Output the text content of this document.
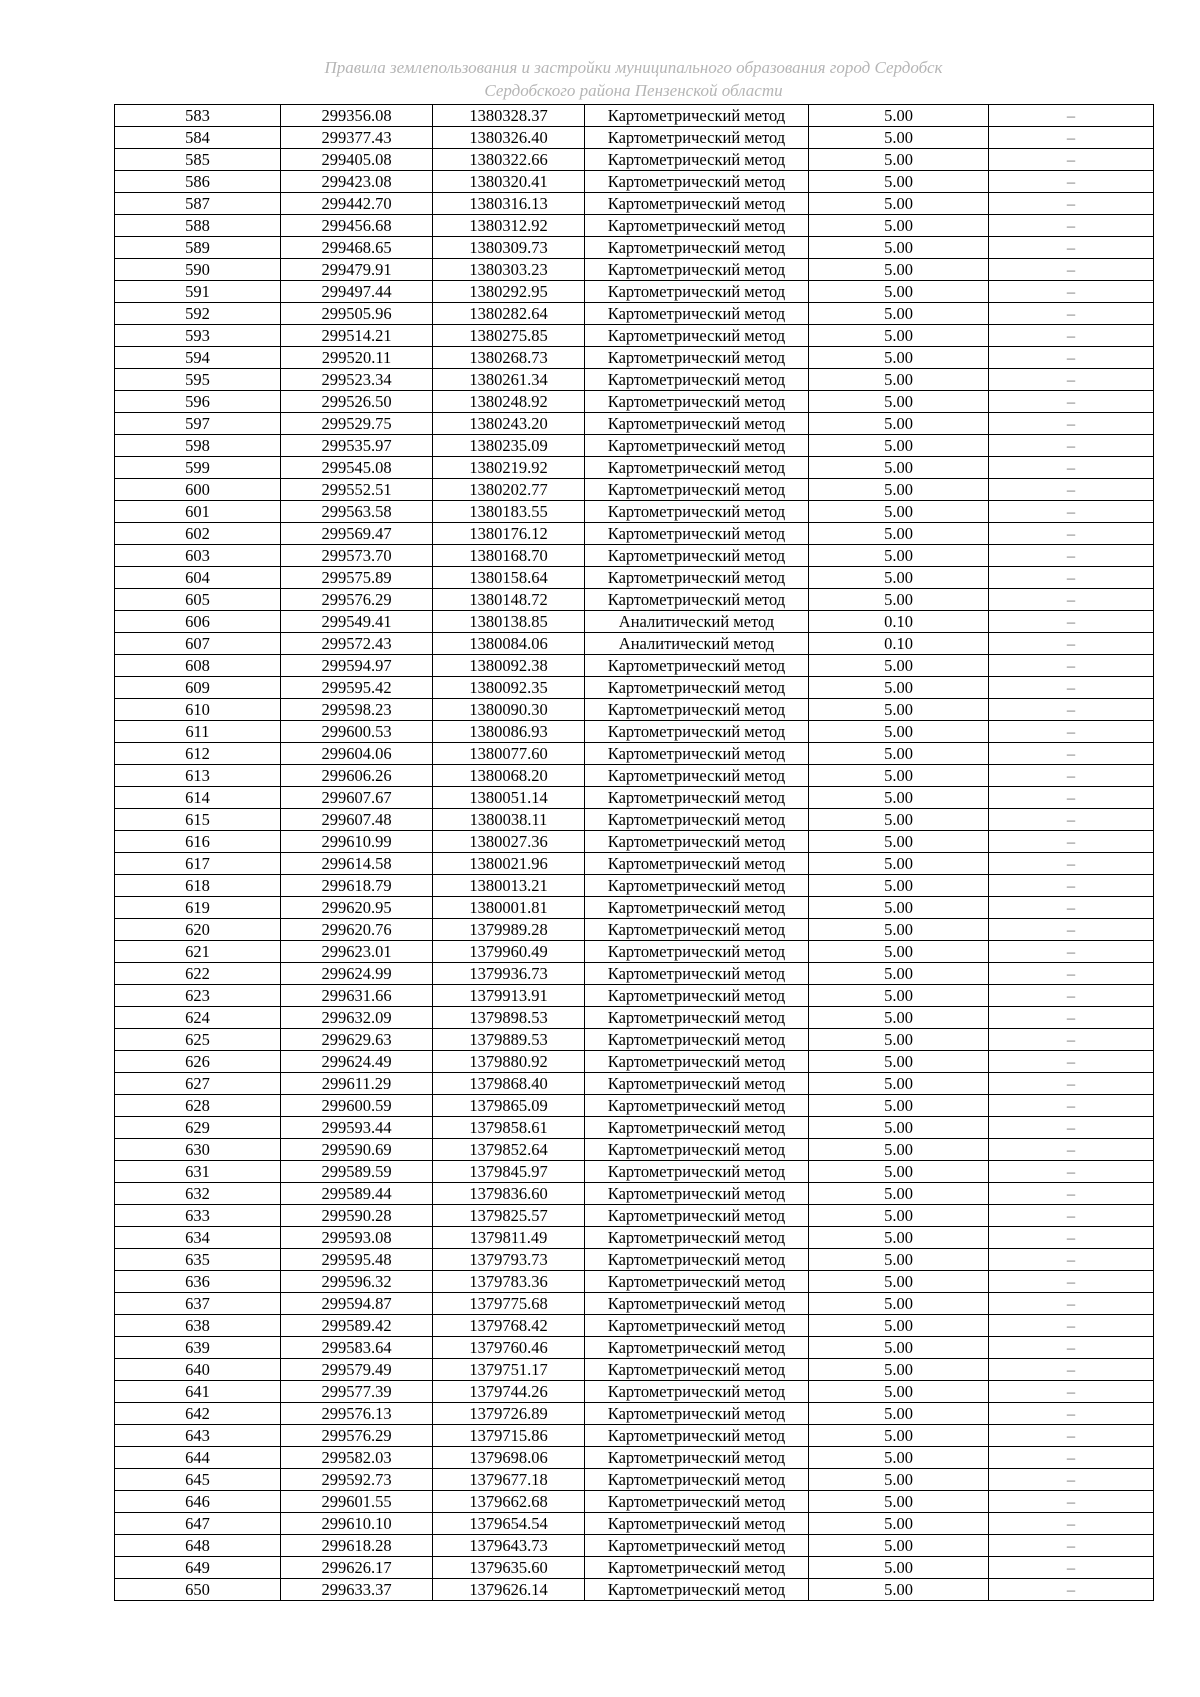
Правила землепользования и застройки муниципального образования город Сердобск
Сердобского района Пензенской области
583	299356.08	1380328.37	Картометрический метод	5.00	–
584	299377.43	1380326.40	Картометрический метод	5.00	–
585	299405.08	1380322.66	Картометрический метод	5.00	–
586	299423.08	1380320.41	Картометрический метод	5.00	–
587	299442.70	1380316.13	Картометрический метод	5.00	–
588	299456.68	1380312.92	Картометрический метод	5.00	–
589	299468.65	1380309.73	Картометрический метод	5.00	–
590	299479.91	1380303.23	Картометрический метод	5.00	–
591	299497.44	1380292.95	Картометрический метод	5.00	–
592	299505.96	1380282.64	Картометрический метод	5.00	–
593	299514.21	1380275.85	Картометрический метод	5.00	–
594	299520.11	1380268.73	Картометрический метод	5.00	–
595	299523.34	1380261.34	Картометрический метод	5.00	–
596	299526.50	1380248.92	Картометрический метод	5.00	–
597	299529.75	1380243.20	Картометрический метод	5.00	–
598	299535.97	1380235.09	Картометрический метод	5.00	–
599	299545.08	1380219.92	Картометрический метод	5.00	–
600	299552.51	1380202.77	Картометрический метод	5.00	–
601	299563.58	1380183.55	Картометрический метод	5.00	–
602	299569.47	1380176.12	Картометрический метод	5.00	–
603	299573.70	1380168.70	Картометрический метод	5.00	–
604	299575.89	1380158.64	Картометрический метод	5.00	–
605	299576.29	1380148.72	Картометрический метод	5.00	–
606	299549.41	1380138.85	Аналитический метод	0.10	–
607	299572.43	1380084.06	Аналитический метод	0.10	–
608	299594.97	1380092.38	Картометрический метод	5.00	–
609	299595.42	1380092.35	Картометрический метод	5.00	–
610	299598.23	1380090.30	Картометрический метод	5.00	–
611	299600.53	1380086.93	Картометрический метод	5.00	–
612	299604.06	1380077.60	Картометрический метод	5.00	–
613	299606.26	1380068.20	Картометрический метод	5.00	–
614	299607.67	1380051.14	Картометрический метод	5.00	–
615	299607.48	1380038.11	Картометрический метод	5.00	–
616	299610.99	1380027.36	Картометрический метод	5.00	–
617	299614.58	1380021.96	Картометрический метод	5.00	–
618	299618.79	1380013.21	Картометрический метод	5.00	–
619	299620.95	1380001.81	Картометрический метод	5.00	–
620	299620.76	1379989.28	Картометрический метод	5.00	–
621	299623.01	1379960.49	Картометрический метод	5.00	–
622	299624.99	1379936.73	Картометрический метод	5.00	–
623	299631.66	1379913.91	Картометрический метод	5.00	–
624	299632.09	1379898.53	Картометрический метод	5.00	–
625	299629.63	1379889.53	Картометрический метод	5.00	–
626	299624.49	1379880.92	Картометрический метод	5.00	–
627	299611.29	1379868.40	Картометрический метод	5.00	–
628	299600.59	1379865.09	Картометрический метод	5.00	–
629	299593.44	1379858.61	Картометрический метод	5.00	–
630	299590.69	1379852.64	Картометрический метод	5.00	–
631	299589.59	1379845.97	Картометрический метод	5.00	–
632	299589.44	1379836.60	Картометрический метод	5.00	–
633	299590.28	1379825.57	Картометрический метод	5.00	–
634	299593.08	1379811.49	Картометрический метод	5.00	–
635	299595.48	1379793.73	Картометрический метод	5.00	–
636	299596.32	1379783.36	Картометрический метод	5.00	–
637	299594.87	1379775.68	Картометрический метод	5.00	–
638	299589.42	1379768.42	Картометрический метод	5.00	–
639	299583.64	1379760.46	Картометрический метод	5.00	–
640	299579.49	1379751.17	Картометрический метод	5.00	–
641	299577.39	1379744.26	Картометрический метод	5.00	–
642	299576.13	1379726.89	Картометрический метод	5.00	–
643	299576.29	1379715.86	Картометрический метод	5.00	–
644	299582.03	1379698.06	Картометрический метод	5.00	–
645	299592.73	1379677.18	Картометрический метод	5.00	–
646	299601.55	1379662.68	Картометрический метод	5.00	–
647	299610.10	1379654.54	Картометрический метод	5.00	–
648	299618.28	1379643.73	Картометрический метод	5.00	–
649	299626.17	1379635.60	Картометрический метод	5.00	–
650	299633.37	1379626.14	Картометрический метод	5.00	–
